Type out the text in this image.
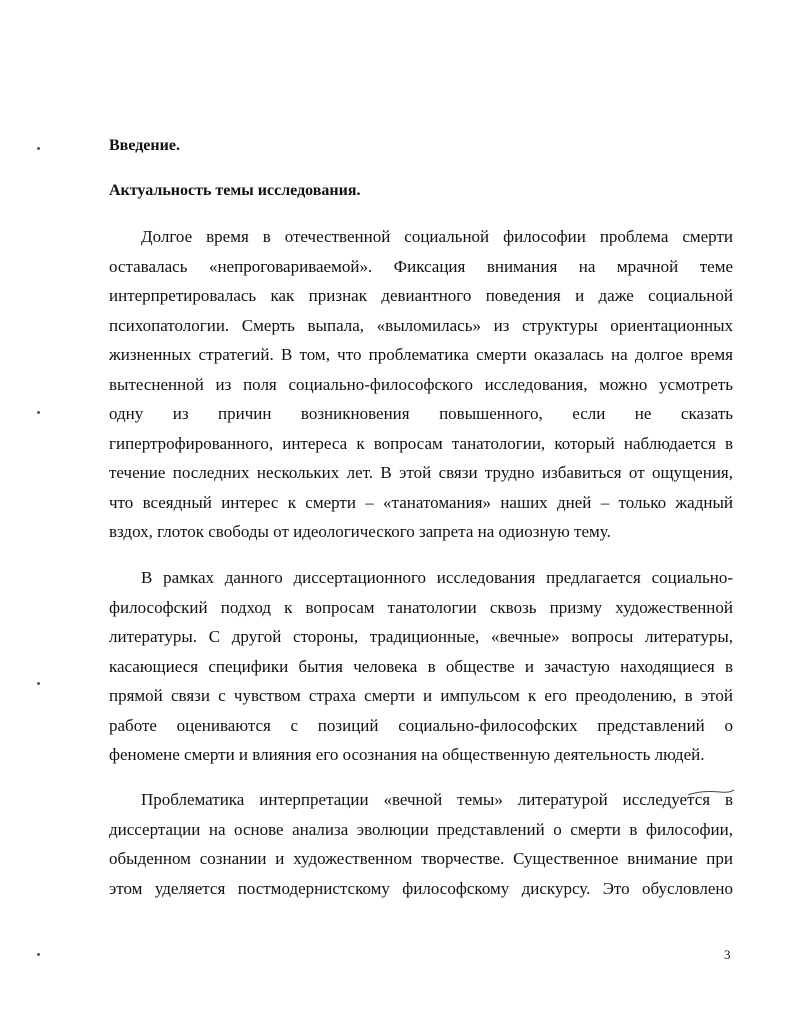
Введение.
Актуальность темы исследования.
Долгое время в отечественной социальной философии проблема смерти
оставалась «непроговариваемой». Фиксация внимания на мрачной теме
интерпретировалась как признак девиантного поведения и даже социальной
психопатологии. Смерть выпала, «выломилась» из структуры ориентационных
жизненных стратегий. В том, что проблематика смерти оказалась на долгое время
вытесненной из поля социально-философского исследования, можно усмотреть
одну из причин возникновения повышенного, если не сказать
гипертрофированного, интереса к вопросам танатологии, который наблюдается в
течение последних нескольких лет. В этой связи трудно избавиться от ощущения,
что всеядный интерес к смерти – «танатомания» наших дней – только жадный
вздох, глоток свободы от идеологического запрета на одиозную тему.
В рамках данного диссертационного исследования предлагается социально-
философский подход к вопросам танатологии сквозь призму художественной
литературы. С другой стороны, традиционные, «вечные» вопросы литературы,
касающиеся специфики бытия человека в обществе и зачастую находящиеся в
прямой связи с чувством страха смерти и импульсом к его преодолению, в этой
работе оцениваются с позиций социально-философских представлений о
феномене смерти и влияния его осознания на общественную деятельность людей.
Проблематика интерпретации «вечной темы» литературой исследуется в
диссертации на основе анализа эволюции представлений о смерти в философии,
обыденном сознании и художественном творчестве. Существенное внимание при
этом уделяется постмодернистскому философскому дискурсу. Это обусловлено
3
